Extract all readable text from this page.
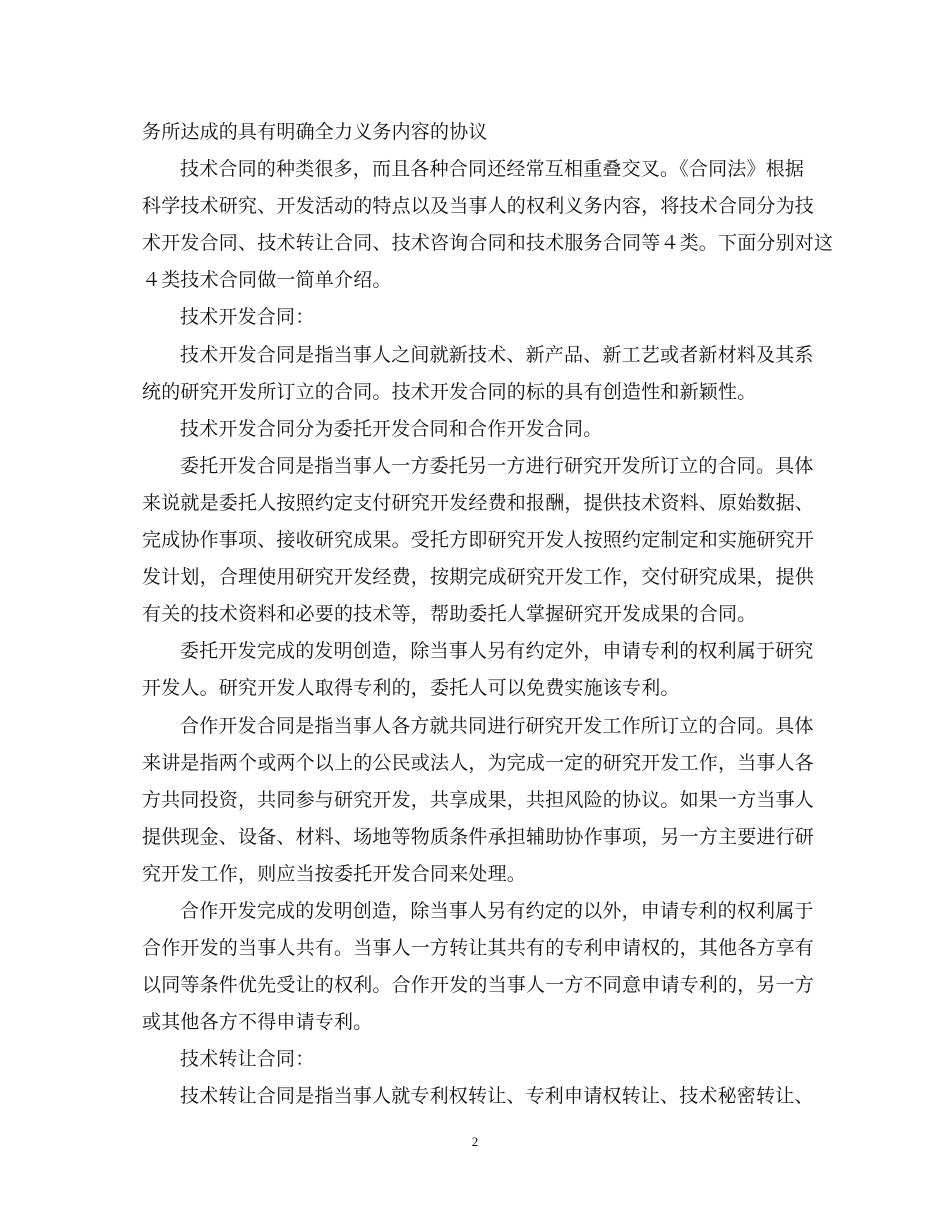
务所达成的具有明确全力义务内容的协议
技术合同的种类很多，而且各种合同还经常互相重叠交叉。《合同法》根据
科学技术研究、开发活动的特点以及当事人的权利义务内容，将技术合同分为技
术开发合同、技术转让合同、技术咨询合同和技术服务合同等４类。下面分别对这
４类技术合同做一简单介绍。
技术开发合同：
技术开发合同是指当事人之间就新技术、新产品、新工艺或者新材料及其系
统的研究开发所订立的合同。技术开发合同的标的具有创造性和新颖性。
技术开发合同分为委托开发合同和合作开发合同。
委托开发合同是指当事人一方委托另一方进行研究开发所订立的合同。具体
来说就是委托人按照约定支付研究开发经费和报酬，提供技术资料、原始数据、
完成协作事项、接收研究成果。受托方即研究开发人按照约定制定和实施研究开
发计划，合理使用研究开发经费，按期完成研究开发工作，交付研究成果，提供
有关的技术资料和必要的技术等，帮助委托人掌握研究开发成果的合同。
委托开发完成的发明创造，除当事人另有约定外，申请专利的权利属于研究
开发人。研究开发人取得专利的，委托人可以免费实施该专利。
合作开发合同是指当事人各方就共同进行研究开发工作所订立的合同。具体
来讲是指两个或两个以上的公民或法人，为完成一定的研究开发工作，当事人各
方共同投资，共同参与研究开发，共享成果，共担风险的协议。如果一方当事人
提供现金、设备、材料、场地等物质条件承担辅助协作事项，另一方主要进行研
究开发工作，则应当按委托开发合同来处理。
合作开发完成的发明创造，除当事人另有约定的以外，申请专利的权利属于
合作开发的当事人共有。当事人一方转让其共有的专利申请权的，其他各方享有
以同等条件优先受让的权利。合作开发的当事人一方不同意申请专利的，另一方
或其他各方不得申请专利。
技术转让合同：
技术转让合同是指当事人就专利权转让、专利申请权转让、技术秘密转让、
2
